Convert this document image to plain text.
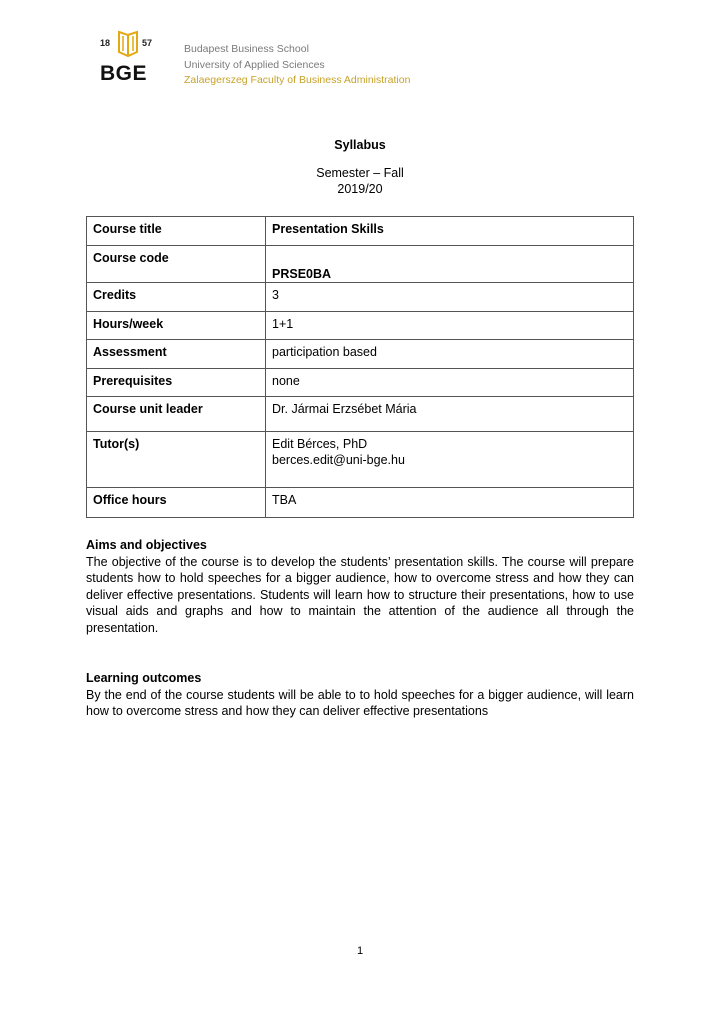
18	57
BGE
Budapest Business School
University of Applied Sciences
Zalaegerszeg Faculty of Business Administration
Syllabus
Semester – Fall
2019/20
Course title	Presentation Skills
Course code	PRSE0BA
Credits	3
Hours/week	1+1
Assessment	participation based
Prerequisites	none
Course unit leader	Dr. Jármai Erzsébet Mária
Tutor(s)	Edit Bérces, PhD
berces.edit@uni-bge.hu

Office hours	TBA
Aims and objectives
The objective of the course is to develop the students’ presentation skills. The course will prepare students how to hold speeches for a bigger audience, how to overcome stress and how they can deliver effective presentations. Students will learn how to structure their presentations, how to use visual aids and graphs and how to maintain the attention of the audience all through the presentation.
Learning outcomes
By the end of the course students will be able to to hold speeches for a bigger audience, will learn how to overcome stress and how they can deliver effective presentations
1
